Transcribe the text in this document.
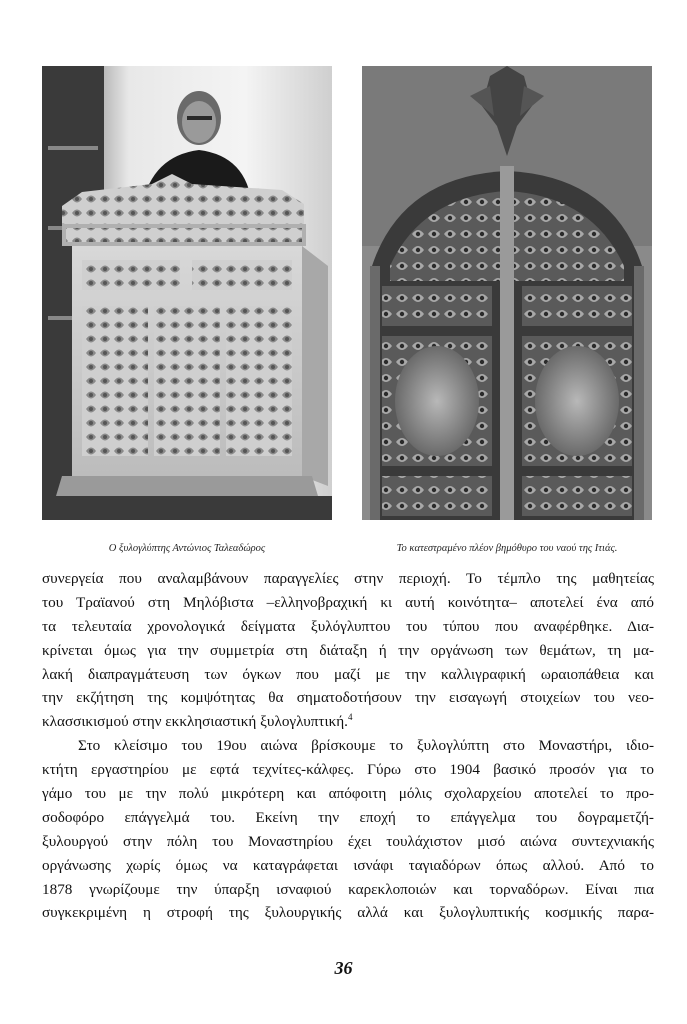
Ο ξυλογλύπτης Αντώνιος Ταλεαδώρος	Το κατεστραμένο πλέον βημόθυρο του ναού της Ιτιάς.
συνεργεία που αναλαμβάνουν παραγγελίες στην περιοχή. Το τέμπλο της μαθητείας
του Τραϊανού στη Μηλόβιστα –ελληνοβραχική κι αυτή κοινότητα– αποτελεί ένα από
τα τελευταία χρονολογικά δείγματα ξυλόγλυπτου του τύπου που αναφέρθηκε. Δια-
κρίνεται όμως για την συμμετρία στη διάταξη ή την οργάνωση των θεμάτων, τη μα-
λακή διαπραγμάτευση των όγκων που μαζί με την καλλιγραφική ωραιοπάθεια και
την εκζήτηση της κομψότητας θα σηματοδοτήσουν την εισαγωγή στοιχείων του νεο-
κλασσικισμού στην εκκλησιαστική ξυλογλυπτική.$^4$
Στο κλείσιμο του 19ου αιώνα βρίσκουμε το ξυλογλύπτη στο Μοναστήρι, ιδιο-
κτήτη εργαστηρίου με εφτά τεχνίτες-κάλφες. Γύρω στο 1904 βασικό προσόν για το
γάμο του με την πολύ μικρότερη και απόφοιτη μόλις σχολαρχείου αποτελεί το προ-
σοδοφόρο επάγγελμά του. Εκείνη την εποχή το επάγγελμα του δογραμετζή-
ξυλουργού στην πόλη του Μοναστηρίου έχει τουλάχιστον μισό αιώνα συντεχνιακής
οργάνωσης χωρίς όμως να καταγράφεται ισνάφι ταγιαδόρων όπως αλλού. Από το
1878 γνωρίζουμε την ύπαρξη ισναφιού καρεκλοποιών και τορναδόρων. Είναι πια
συγκεκριμένη η στροφή της ξυλουργικής αλλά και ξυλογλυπτικής κοσμικής παρα-
36
